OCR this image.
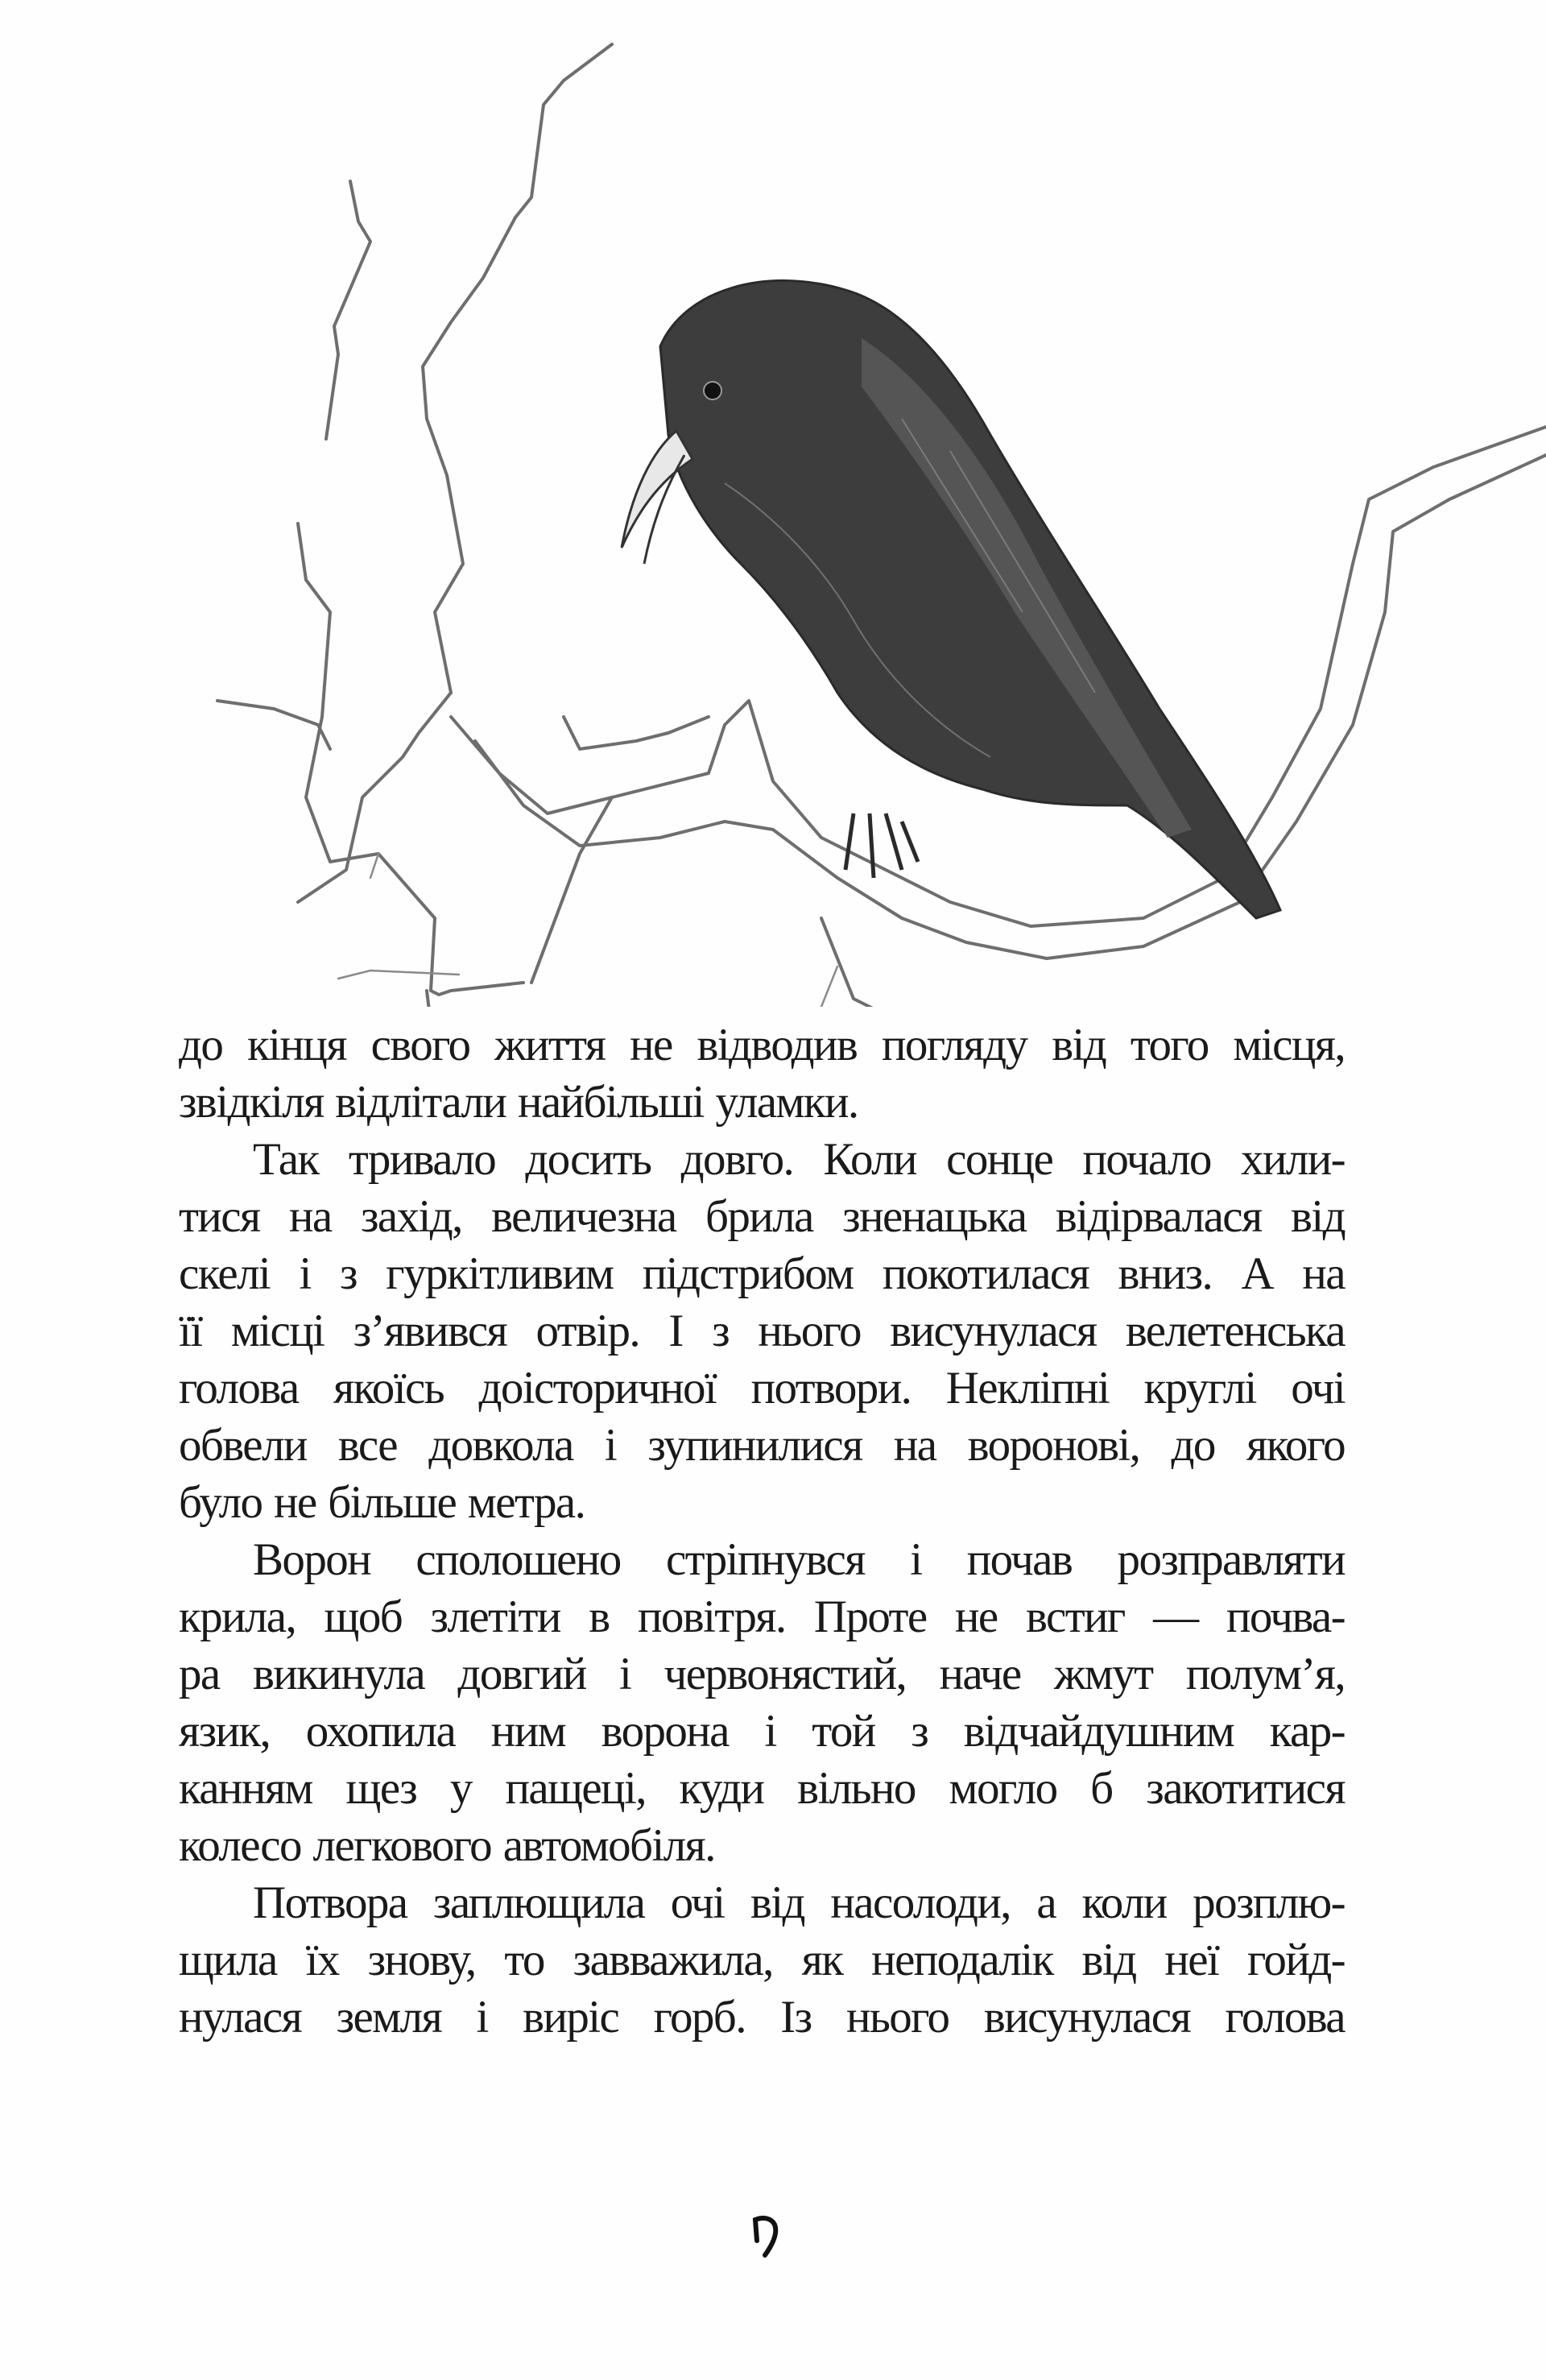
до кінця свого життя не відводив погляду від того місця,
звідкіля відлітали найбільші уламки.
Так тривало досить довго. Коли сонце почало хили-
тися на захід, величезна брила зненацька відірвалася від
скелі і з гуркітливим підстрибом покотилася вниз. А на
її місці з’явився отвір. І з нього висунулася велетенська
голова якоїсь доісторичної потвори. Некліпні круглі очі
обвели все довкола і зупинилися на воронові, до якого
було не більше метра.
Ворон сполошено стріпнувся і почав розправляти
крила, щоб злетіти в повітря. Проте не встиг — почва-
ра викинула довгий і червонястий, наче жмут полум’я,
язик, охопила ним ворона і той з відчайдушним кар-
канням щез у пащеці, куди вільно могло б закотитися
колесо легкового автомобіля.
Потвора заплющила очі від насолоди, а коли розплю-
щила їх знову, то завважила, як неподалік від неї гойд-
нулася земля і виріс горб. Із нього висунулася голова
